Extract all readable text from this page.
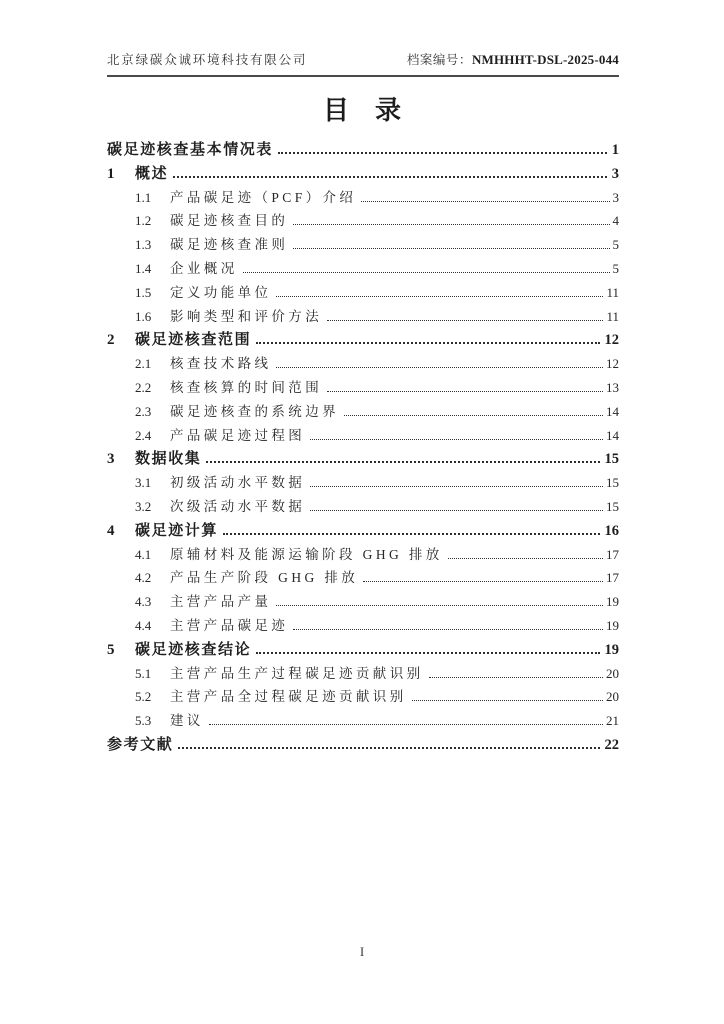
北京绿碳众诚环境科技有限公司	档案编号：NMHHHT-DSL-2025-044
目　录
碳足迹核查基本情况表	1
1	概述	3
1.1	产品碳足迹（PCF）介绍	3
1.2	碳足迹核查目的	4
1.3	碳足迹核查准则	5
1.4	企业概况	5
1.5	定义功能单位	11
1.6	影响类型和评价方法	11
2	碳足迹核查范围	12
2.1	核查技术路线	12
2.2	核查核算的时间范围	13
2.3	碳足迹核查的系统边界	14
2.4	产品碳足迹过程图	14
3	数据收集	15
3.1	初级活动水平数据	15
3.2	次级活动水平数据	15
4	碳足迹计算	16
4.1	原辅材料及能源运输阶段 GHG 排放	17
4.2	产品生产阶段 GHG 排放	17
4.3	主营产品产量	19
4.4	主营产品碳足迹	19
5	碳足迹核查结论	19
5.1	主营产品生产过程碳足迹贡献识别	20
5.2	主营产品全过程碳足迹贡献识别	20
5.3	建议	21
参考文献	22
I
